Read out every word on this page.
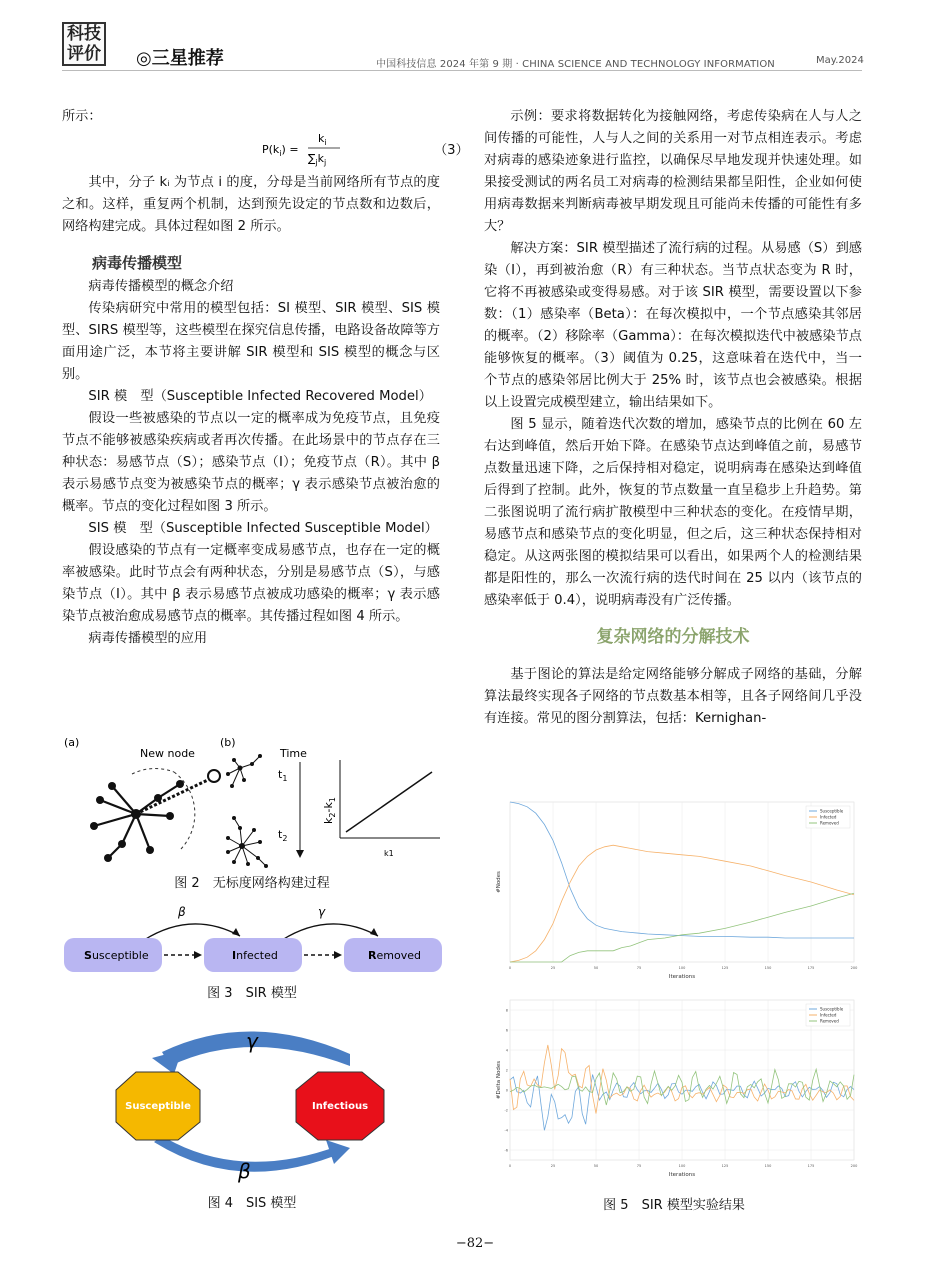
科技
评价 ◎三星推荐	中国科技信息 2024 年第 9 期 · CHINA SCIENCE AND TECHNOLOGY INFORMATION	May.2024

所示：

$P(k_i)$ =
$k_i$
$\sum_jk_j$
（3）

其中，分子 kᵢ 为节点 i 的度，分母是当前网络所有节点的度之和。这样，重复两个机制，达到预先设定的节点数和边数后，网络构建完成。具体过程如图 2 所示。

病毒传播模型

病毒传播模型的概念介绍

传染病研究中常用的模型包括：SI 模型、SIR 模型、SIS 模型、SIRS 模型等，这些模型在探究信息传播，电路设备故障等方面用途广泛，本节将主要讲解 SIR 模型和 SIS 模型的概念与区别。

SIR 模　型（Susceptible Infected Recovered Model）

假设一些被感染的节点以一定的概率成为免疫节点，且免疫节点不能够被感染疾病或者再次传播。在此场景中的节点存在三种状态：易感节点（S）；感染节点（I）；免疫节点（R）。其中 β 表示易感节点变为被感染节点的概率；γ 表示感染节点被治愈的概率。节点的变化过程如图 3 所示。

SIS 模　型（Susceptible Infected Susceptible Model）

假设感染的节点有一定概率变成易感节点，也存在一定的概率被感染。此时节点会有两种状态，分别是易感节点（S），与感染节点（I）。其中 β 表示易感节点被成功感染的概率；γ 表示感染节点被治愈成易感节点的概率。其传播过程如图 4 所示。

病毒传播模型的应用

示例：要求将数据转化为接触网络，考虑传染病在人与人之间传播的可能性，人与人之间的关系用一对节点相连表示。考虑对病毒的感染迹象进行监控，以确保尽早地发现并快速处理。如果接受测试的两名员工对病毒的检测结果都呈阳性，企业如何使用病毒数据来判断病毒被早期发现且可能尚未传播的可能性有多大？

解决方案：SIR 模型描述了流行病的过程。从易感（S）到感染（I），再到被治愈（R）有三种状态。当节点状态变为 R 时，它将不再被感染或变得易感。对于该 SIR 模型，需要设置以下参数：（1）感染率（Beta）：在每次模拟中，一个节点感染其邻居的概率。（2）移除率（Gamma）：在每次模拟迭代中被感染节点能够恢复的概率。（3）阈值为 0.25，这意味着在迭代中，当一个节点的感染邻居比例大于 25% 时，该节点也会被感染。根据以上设置完成模型建立，输出结果如下。

图 5 显示，随着迭代次数的增加，感染节点的比例在 60 左右达到峰值，然后开始下降。在感染节点达到峰值之前，易感节点数量迅速下降，之后保持相对稳定，说明病毒在感染达到峰值后得到了控制。此外，恢复的节点数量一直呈稳步上升趋势。第二张图说明了流行病扩散模型中三种状态的变化。在疫情早期，易感节点和感染节点的变化明显，但之后，这三种状态保持相对稳定。从这两张图的模拟结果可以看出，如果两个人的检测结果都是阳性的，那么一次流行病的迭代时间在 25 以内（该节点的感染率低于 0.4），说明病毒没有广泛传播。

复杂网络的分解技术

基于图论的算法是给定网络能够分解成子网络的基础，分解算法最终实现各子网络的节点数基本相等，且各子网络间几乎没有连接。常见的图分割算法，包括：Kernighan-

(a)	(b)
New node	Time
$t_1$
$t_2$
$k_2-k_1$
k1
图 2　无标度网络构建过程
β	γ
Susceptible	Infected	Removed
图 3　SIR 模型
γ
β
Susceptible	Infectious
图 4　SIS 模型
0	25	50	75	100	125	150	175	200
Iterations
#Nodes
Susceptible
Infected
Removed
0	25	50	75	100	125	150	175	200
-6
-4
-2
0
2
4
6
8
Iterations
#Delta Nodes
Susceptible
Infected
Removed
图 5　SIR 模型实验结果
−82−
